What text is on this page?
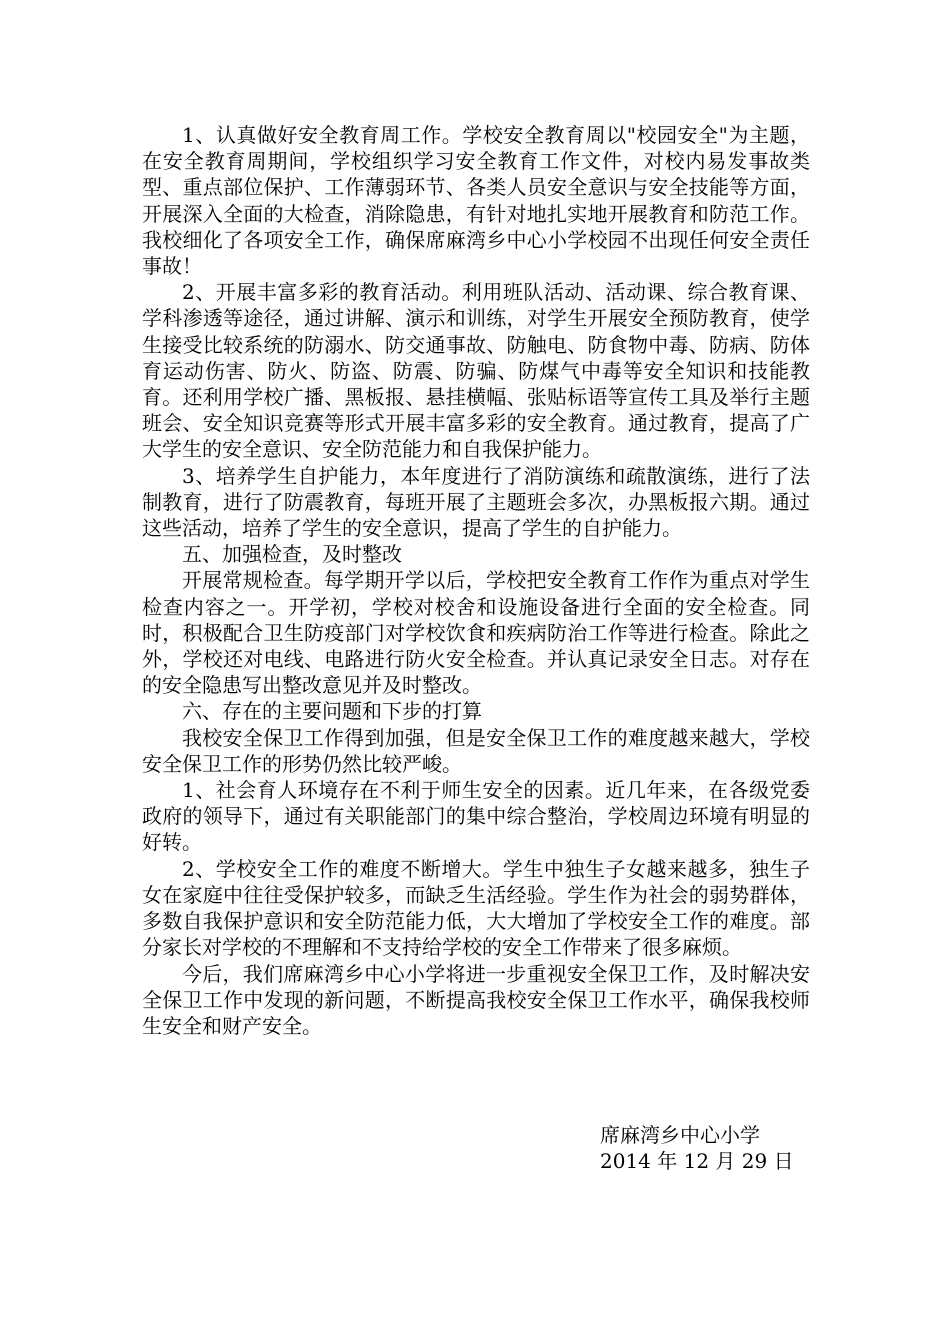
1、认真做好安全教育周工作。学校安全教育周以"校园安全"为主题，在安全教育周期间，学校组织学习安全教育工作文件，对校内易发事故类型、重点部位保护、工作薄弱环节、各类人员安全意识与安全技能等方面，开展深入全面的大检查，消除隐患，有针对地扎实地开展教育和防范工作。我校细化了各项安全工作，确保席麻湾乡中心小学校园不出现任何安全责任事故！

2、开展丰富多彩的教育活动。利用班队活动、活动课、综合教育课、学科渗透等途径，通过讲解、演示和训练，对学生开展安全预防教育，使学生接受比较系统的防溺水、防交通事故、防触电、防食物中毒、防病、防体育运动伤害、防火、防盗、防震、防骗、防煤气中毒等安全知识和技能教育。还利用学校广播、黑板报、悬挂横幅、张贴标语等宣传工具及举行主题班会、安全知识竞赛等形式开展丰富多彩的安全教育。通过教育，提高了广大学生的安全意识、安全防范能力和自我保护能力。

3、培养学生自护能力，本年度进行了消防演练和疏散演练，进行了法制教育，进行了防震教育，每班开展了主题班会多次，办黑板报六期。通过这些活动，培养了学生的安全意识，提高了学生的自护能力。

五、加强检查，及时整改

开展常规检查。每学期开学以后，学校把安全教育工作作为重点对学生检查内容之一。开学初，学校对校舍和设施设备进行全面的安全检查。同时，积极配合卫生防疫部门对学校饮食和疾病防治工作等进行检查。除此之外，学校还对电线、电路进行防火安全检查。并认真记录安全日志。对存在的安全隐患写出整改意见并及时整改。

六、存在的主要问题和下步的打算

我校安全保卫工作得到加强，但是安全保卫工作的难度越来越大，学校安全保卫工作的形势仍然比较严峻。

1、社会育人环境存在不利于师生安全的因素。近几年来，在各级党委政府的领导下，通过有关职能部门的集中综合整治，学校周边环境有明显的好转。

2、学校安全工作的难度不断增大。学生中独生子女越来越多，独生子女在家庭中往往受保护较多，而缺乏生活经验。学生作为社会的弱势群体，多数自我保护意识和安全防范能力低，大大增加了学校安全工作的难度。部分家长对学校的不理解和不支持给学校的安全工作带来了很多麻烦。

今后，我们席麻湾乡中心小学将进一步重视安全保卫工作，及时解决安全保卫工作中发现的新问题，不断提高我校安全保卫工作水平，确保我校师生安全和财产安全。

席麻湾乡中心小学
2014 年 12 月 29 日
